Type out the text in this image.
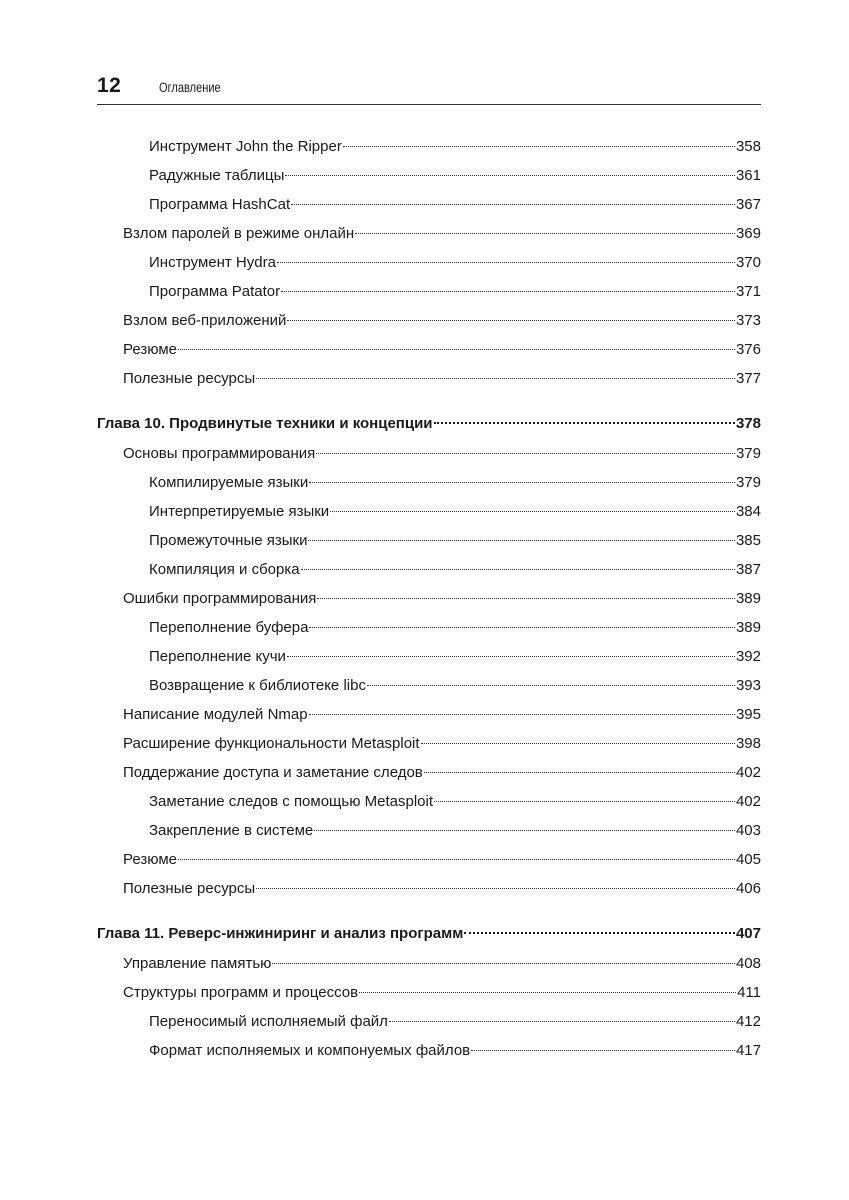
12	Оглавление
Инструмент John the Ripper	358
Радужные таблицы	361
Программа HashCat	367
Взлом паролей в режиме онлайн	369
Инструмент Hydra	370
Программа Patator	371
Взлом веб-приложений	373
Резюме	376
Полезные ресурсы	377
Глава 10. Продвинутые техники и концепции	378
Основы программирования	379
Компилируемые языки	379
Интерпретируемые языки	384
Промежуточные языки	385
Компиляция и сборка	387
Ошибки программирования	389
Переполнение буфера	389
Переполнение кучи	392
Возвращение к библиотеке libc	393
Написание модулей Nmap	395
Расширение функциональности Metasploit	398
Поддержание доступа и заметание следов	402
Заметание следов с помощью Metasploit	402
Закрепление в системе	403
Резюме	405
Полезные ресурсы	406
Глава 11. Реверс-инжиниринг и анализ программ	407
Управление памятью	408
Структуры программ и процессов	411
Переносимый исполняемый файл	412
Формат исполняемых и компонуемых файлов	417
